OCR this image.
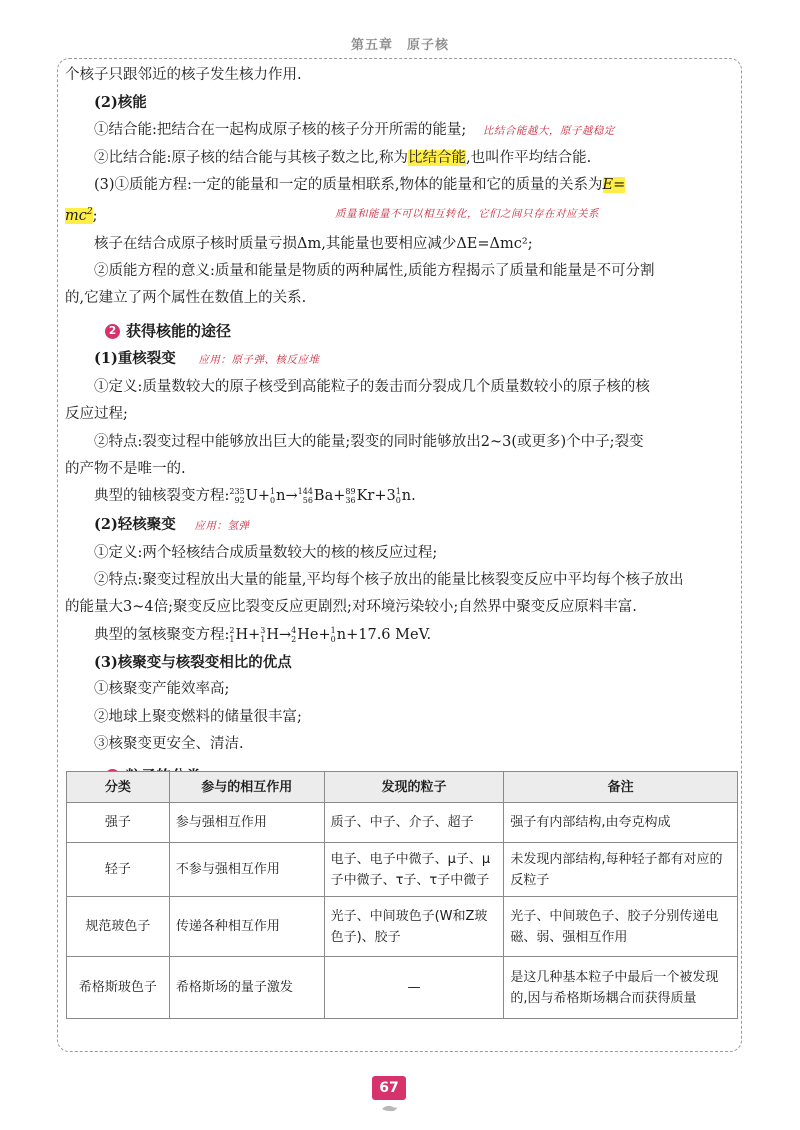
第五章　原子核

个核子只跟邻近的核子发生核力作用.

(2)核能

①结合能:把结合在一起构成原子核的核子分开所需的能量; 比结合能越大，原子越稳定

②比结合能:原子核的结合能与其核子数之比,称为比结合能,也叫作平均结合能.

(3)①质能方程:一定的能量和一定的质量相联系,物体的能量和它的质量的关系为E=

$mc^2$;	质量和能量不可以相互转化，它们之间只存在对应关系

核子在结合成原子核时质量亏损Δm,其能量也要相应减少ΔE=Δmc²;

②质能方程的意义:质量和能量是物质的两种属性,质能方程揭示了质量和能量是不可分割

的,它建立了两个属性在数值上的关系.

2 获得核能的途径

(1)重核裂变 应用：原子弹、核反应堆

①定义:质量数较大的原子核受到高能粒子的轰击而分裂成几个质量数较小的原子核的核

反应过程;

②特点:裂变过程中能够放出巨大的能量;裂变的同时能够放出2~3(或更多)个中子;裂变

的产物不是唯一的.

典型的铀核裂变方程: 235
92 U+ 1
0 n→ 144
56 Ba+ 89
36 Kr+3 1
0 n.

(2)轻核聚变 应用：氢弹

①定义:两个轻核结合成质量数较大的核的核反应过程;

②特点:聚变过程放出大量的能量,平均每个核子放出的能量比核裂变反应中平均每个核子放出

的能量大3~4倍;聚变反应比裂变反应更剧烈;对环境污染较小;自然界中聚变反应原料丰富.

典型的氢核聚变方程: 2
1 H+ 3
1 H→ 4
2 He+ 1
0 n+17.6 MeV.

(3)核聚变与核裂变相比的优点

①核聚变产能效率高;

②地球上聚变燃料的储量很丰富;

③核聚变更安全、清洁.

分类	参与的相互作用	发现的粒子	备注
强子	参与强相互作用	质子、中子、介子、超子	强子有内部结构,由夸克构成
轻子	不参与强相互作用	电子、电子中微子、μ子、μ子中微子、τ子、τ子中微子	未发现内部结构,每种轻子都有对应的反粒子
规范玻色子	传递各种相互作用	光子、中间玻色子(W和Z玻色子)、胶子	光子、中间玻色子、胶子分别传递电磁、弱、强相互作用
希格斯玻色子	希格斯场的量子激发	—	是这几种基本粒子中最后一个被发现的,因与希格斯场耦合而获得质量
67
